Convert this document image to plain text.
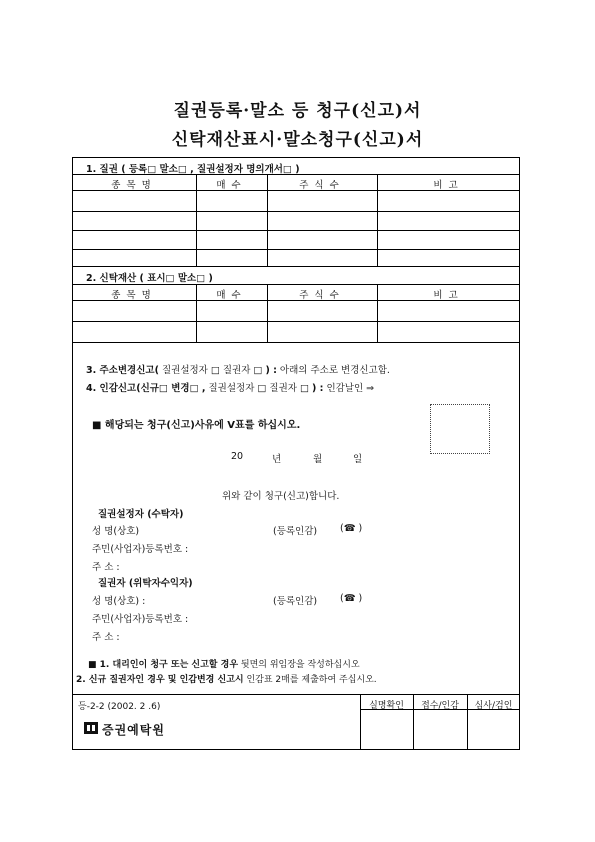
질권등록·말소 등 청구(신고)서
신탁재산표시·말소청구(신고)서
1. 질권 ( 등록□ 말소□ , 질권설정자 명의개서□ )
종목명	매수	주식수	비고
2. 신탁재산 ( 표시□ 말소□ )
종목명	매수	주식수	비고
3. 주소변경신고( 질권설정자 □ 질권자 □ ) : 아래의 주소로 변경신고함.
4. 인감신고(신규□ 변경□ , 질권설정자 □ 질권자 □ ) : 인감날인 ⇒
■ 해당되는 청구(신고)사유에 V표를 하십시오.
20	년	월	일
위와 같이 청구(신고)합니다.
질권설정자 (수탁자)
성 명(상호)	(등록인감) (☎ )
주민(사업자)등록번호 :
주 소 :
질권자 (위탁자수익자)
성 명(상호) :	(등록인감) (☎ )
주민(사업자)등록번호 :
주 소 :
■ 1. 대리인이 청구 또는 신고할 경우 뒷면의 위임장을 작성하십시오
2. 신규 질권자인 경우 및 인감변경 신고시 인감표 2매를 제출하여 주십시오.
등-2-2 (2002. 2 .6)	실명확인	접수/인감	심사/검인
증권예탁원
